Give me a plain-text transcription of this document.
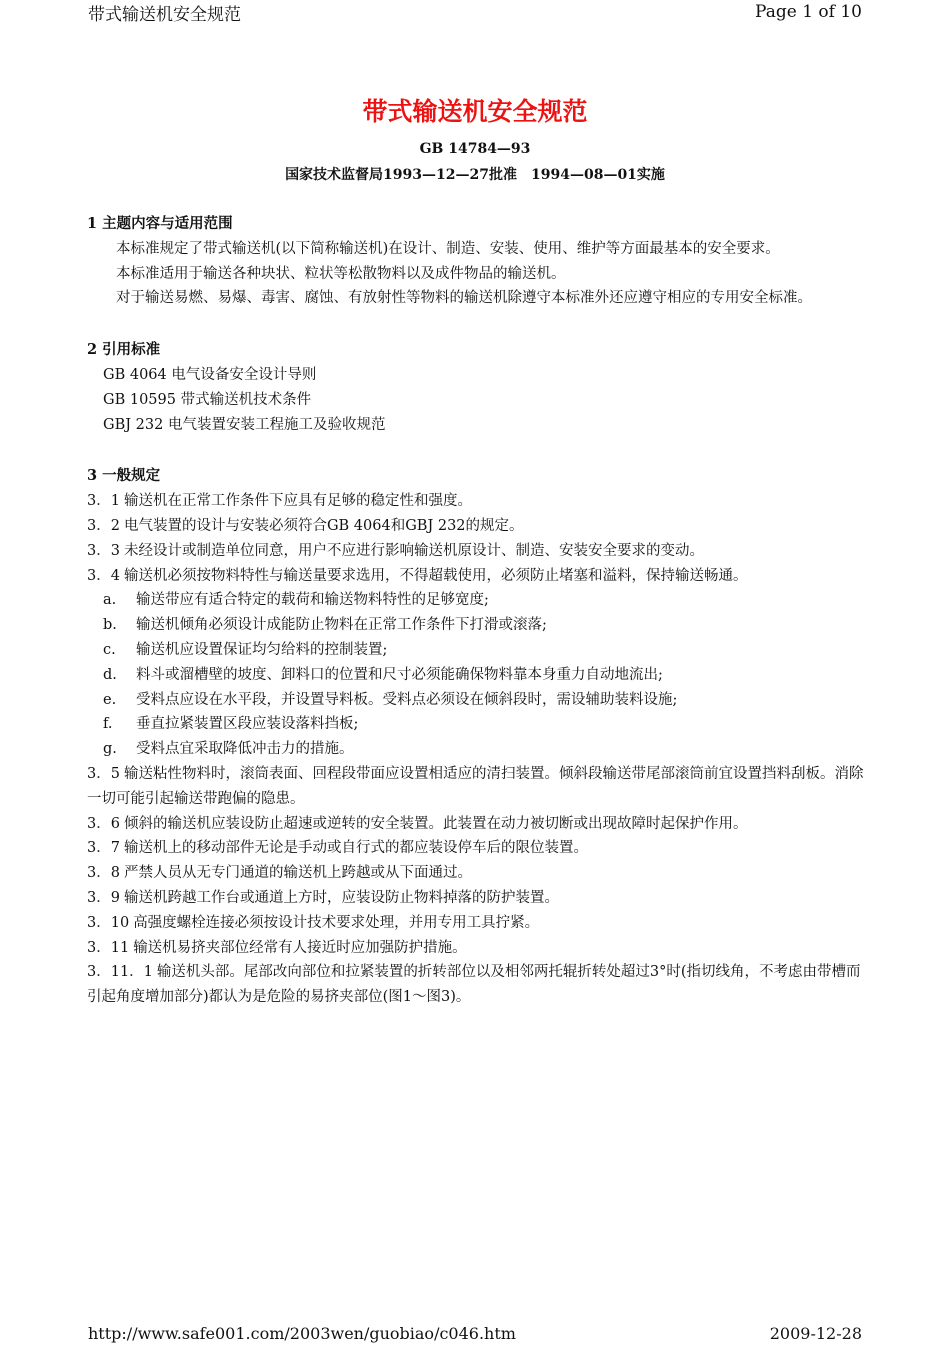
带式输送机安全规范	Page 1 of 10
带式输送机安全规范
GB 14784—93
国家技术监督局1993—12—27批准　1994—08—01实施

1 主题内容与适用范围

本标准规定了带式输送机(以下简称输送机)在设计、制造、安装、使用、维护等方面最基本的安全要求。

本标准适用于输送各种块状、粒状等松散物料以及成件物品的输送机。

对于输送易燃、易爆、毒害、腐蚀、有放射性等物料的输送机除遵守本标准外还应遵守相应的专用安全标准。

2 引用标准

GB 4064 电气设备安全设计导则

GB 10595 带式输送机技术条件

GBJ 232 电气装置安装工程施工及验收规范

3 一般规定

3．1 输送机在正常工作条件下应具有足够的稳定性和强度。

3．2 电气装置的设计与安装必须符合GB 4064和GBJ 232的规定。

3．3 未经设计或制造单位同意，用户不应进行影响输送机原设计、制造、安装安全要求的变动。

3．4 输送机必须按物料特性与输送量要求选用，不得超载使用，必须防止堵塞和溢料，保持输送畅通。

a. 输送带应有适合特定的载荷和输送物料特性的足够宽度;

b. 输送机倾角必须设计成能防止物料在正常工作条件下打滑或滚落;

c. 输送机应设置保证均匀给料的控制装置;

d. 料斗或溜槽壁的坡度、卸料口的位置和尺寸必须能确保物料靠本身重力自动地流出;

e. 受料点应设在水平段，并设置导料板。受料点必须设在倾斜段时，需设辅助装料设施;

f. 垂直拉紧装置区段应装设落料挡板;

g. 受料点宜采取降低冲击力的措施。

3．5 输送粘性物料时，滚筒表面、回程段带面应设置相适应的清扫装置。倾斜段输送带尾部滚筒前宜设置挡料刮板。消除一切可能引起输送带跑偏的隐患。

3．6 倾斜的输送机应装设防止超速或逆转的安全装置。此装置在动力被切断或出现故障时起保护作用。

3．7 输送机上的移动部件无论是手动或自行式的都应装设停车后的限位装置。

3．8 严禁人员从无专门通道的输送机上跨越或从下面通过。

3．9 输送机跨越工作台或通道上方时，应装设防止物料掉落的防护装置。

3．10 高强度螺栓连接必须按设计技术要求处理，并用专用工具拧紧。

3．11 输送机易挤夹部位经常有人接近时应加强防护措施。

3．11．1 输送机头部。尾部改向部位和拉紧装置的折转部位以及相邻两托辊折转处超过3°时(指切线角，不考虑由带槽而引起角度增加部分)都认为是危险的易挤夹部位(图1～图3)。

http://www.safe001.com/2003wen/guobiao/c046.htm	2009-12-28
